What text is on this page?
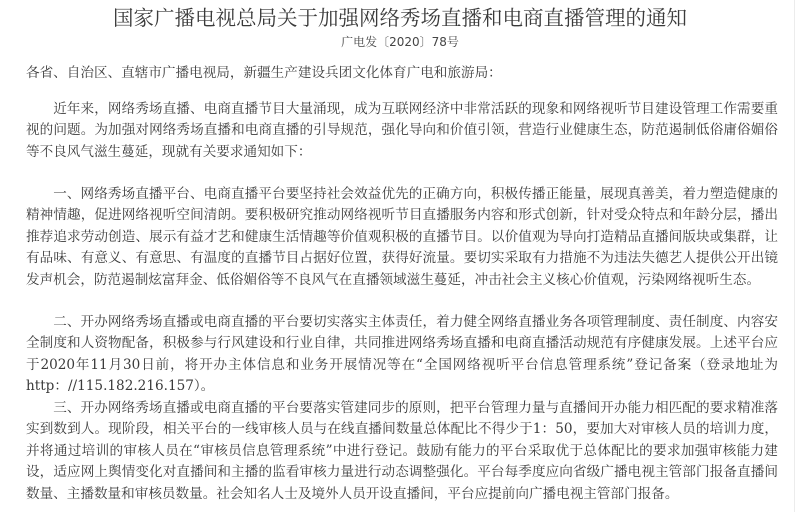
国家广播电视总局关于加强网络秀场直播和电商直播管理的通知
广电发〔2020〕78号

各省、自治区、直辖市广播电视局，新疆生产建设兵团文化体育广电和旅游局：

近年来，网络秀场直播、电商直播节目大量涌现，成为互联网经济中非常活跃的现象和网络视听节目建设管理工作需要重视的问题。为加强对网络秀场直播和电商直播的引导规范，强化导向和价值引领，营造行业健康生态，防范遏制低俗庸俗媚俗等不良风气滋生蔓延，现就有关要求通知如下：

一、网络秀场直播平台、电商直播平台要坚持社会效益优先的正确方向，积极传播正能量，展现真善美，着力塑造健康的精神情趣，促进网络视听空间清朗。要积极研究推动网络视听节目直播服务内容和形式创新，针对受众特点和年龄分层，播出推荐追求劳动创造、展示有益才艺和健康生活情趣等价值观积极的直播节目。以价值观为导向打造精品直播间版块或集群，让有品味、有意义、有意思、有温度的直播节目占据好位置，获得好流量。要切实采取有力措施不为违法失德艺人提供公开出镜发声机会，防范遏制炫富拜金、低俗媚俗等不良风气在直播领域滋生蔓延，冲击社会主义核心价值观，污染网络视听生态。

二、开办网络秀场直播或电商直播的平台要切实落实主体责任，着力健全网络直播业务各项管理制度、责任制度、内容安全制度和人资物配备，积极参与行风建设和行业自律，共同推进网络秀场直播和电商直播活动规范有序健康发展。上述平台应于2020年11月30日前，将开办主体信息和业务开展情况等在“全国网络视听平台信息管理系统”登记备案（登录地址为http：//115.182.216.157）。

三、开办网络秀场直播或电商直播的平台要落实管建同步的原则，把平台管理力量与直播间开办能力相匹配的要求精准落实到数到人。现阶段，相关平台的一线审核人员与在线直播间数量总体配比不得少于1：50，要加大对审核人员的培训力度，并将通过培训的审核人员在“审核员信息管理系统”中进行登记。鼓励有能力的平台采取优于总体配比的要求加强审核能力建设，适应网上舆情变化对直播间和主播的监看审核力量进行动态调整强化。平台每季度应向省级广播电视主管部门报备直播间数量、主播数量和审核员数量。社会知名人士及境外人员开设直播间，平台应提前向广播电视主管部门报备。
